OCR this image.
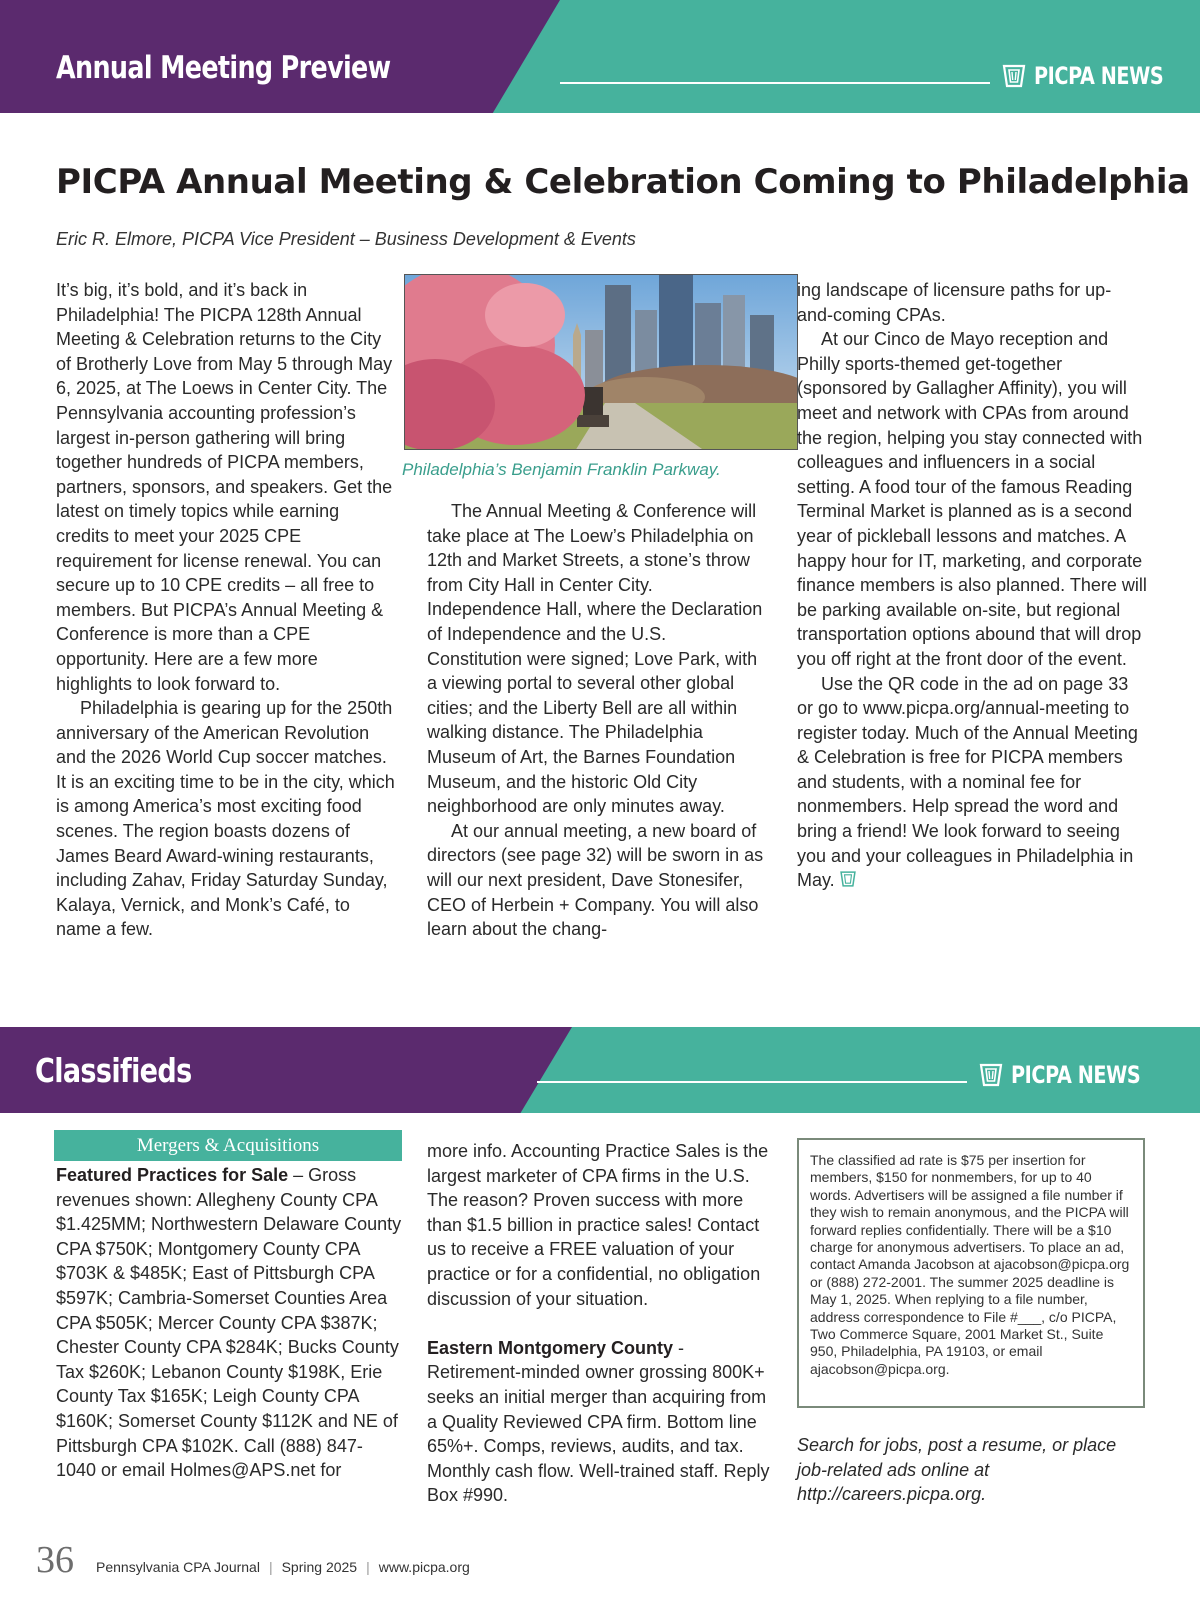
Annual Meeting Preview	PICPA NEWS
PICPA Annual Meeting & Celebration Coming to Philadelphia
Eric R. Elmore, PICPA Vice President – Business Development & Events

It’s big, it’s bold, and it’s back in Philadelphia! The PICPA 128th Annual Meeting & Celebration returns to the City of Brotherly Love from May 5 through May 6, 2025, at The Loews in Center City. The Pennsylvania accounting profession’s largest in-person gathering will bring together hundreds of PICPA members, partners, sponsors, and speakers. Get the latest on timely topics while earning credits to meet your 2025 CPE requirement for license renewal. You can secure up to 10 CPE credits – all free to members. But PICPA’s Annual Meeting & Conference is more than a CPE opportunity. Here are a few more highlights to look forward to.

Philadelphia is gearing up for the 250th anniversary of the American Revolution and the 2026 World Cup soccer matches. It is an exciting time to be in the city, which is among America’s most exciting food scenes. The region boasts dozens of James Beard Award-wining restaurants, including Zahav, Friday Saturday Sunday, Kalaya, Vernick, and Monk’s Café, to name a few.

Philadelphia’s Benjamin Franklin Parkway.

The Annual Meeting & Conference will take place at The Loew’s Philadelphia on 12th and Market Streets, a stone’s throw from City Hall in Center City. Independence Hall, where the Declaration of Independence and the U.S. Constitution were signed; Love Park, with a viewing portal to several other global cities; and the Liberty Bell are all within walking distance. The Philadelphia Museum of Art, the Barnes Foundation Museum, and the historic Old City neighborhood are only minutes away.

At our annual meeting, a new board of directors (see page 32) will be sworn in as will our next president, Dave Stonesifer, CEO of Herbein + Company. You will also learn about the chang-

ing landscape of licensure paths for up-and-coming CPAs.

At our Cinco de Mayo reception and Philly sports-themed get-together (sponsored by Gallagher Affinity), you will meet and network with CPAs from around the region, helping you stay connected with colleagues and influencers in a social setting. A food tour of the famous Reading Terminal Market is planned as is a second year of pickleball lessons and matches. A happy hour for IT, marketing, and corporate finance members is also planned. There will be parking available on-site, but regional transportation options abound that will drop you off right at the front door of the event.

Use the QR code in the ad on page 33 or go to www.picpa.org/annual-meeting to register today. Much of the Annual Meeting & Celebration is free for PICPA members and students, with a nominal fee for nonmembers. Help spread the word and bring a friend! We look forward to seeing you and your colleagues in Philadelphia in May.

Classifieds	PICPA NEWS
Mergers & Acquisitions

Featured Practices for Sale – Gross revenues shown: Allegheny County CPA $1.425MM; Northwestern Delaware County CPA $750K; Montgomery County CPA $703K & $485K; East of Pittsburgh CPA $597K; Cambria-Somerset Counties Area CPA $505K; Mercer County CPA $387K; Chester County CPA $284K; Bucks County Tax $260K; Lebanon County $198K, Erie County Tax $165K; Leigh County CPA $160K; Somerset County $112K and NE of Pittsburgh CPA $102K. Call (888) 847-1040 or email Holmes@APS.net for

more info. Accounting Practice Sales is the largest marketer of CPA firms in the U.S. The reason? Proven success with more than $1.5 billion in practice sales! Contact us to receive a FREE valuation of your practice or for a confidential, no obligation discussion of your situation.

Eastern Montgomery County - Retirement-minded owner grossing 800K+ seeks an initial merger than acquiring from a Quality Reviewed CPA firm. Bottom line 65%+. Comps, reviews, audits, and tax. Monthly cash flow. Well-trained staff. Reply Box #990.

The classified ad rate is $75 per insertion for members, $150 for nonmembers, for up to 40 words. Advertisers will be assigned a file number if they wish to remain anonymous, and the PICPA will forward replies confidentially. There will be a $10 charge for anonymous advertisers. To place an ad, contact Amanda Jacobson at ajacobson@picpa.org or (888) 272-2001. The summer 2025 deadline is May 1, 2025. When replying to a file number, address correspondence to File #___, c/o PICPA, Two Commerce Square, 2001 Market St., Suite 950, Philadelphia, PA 19103, or email ajacobson@picpa.org.
Search for jobs, post a resume, or place job-related ads online at http://careers.picpa.org.
36 Pennsylvania CPA Journal | Spring 2025 | www.picpa.org
